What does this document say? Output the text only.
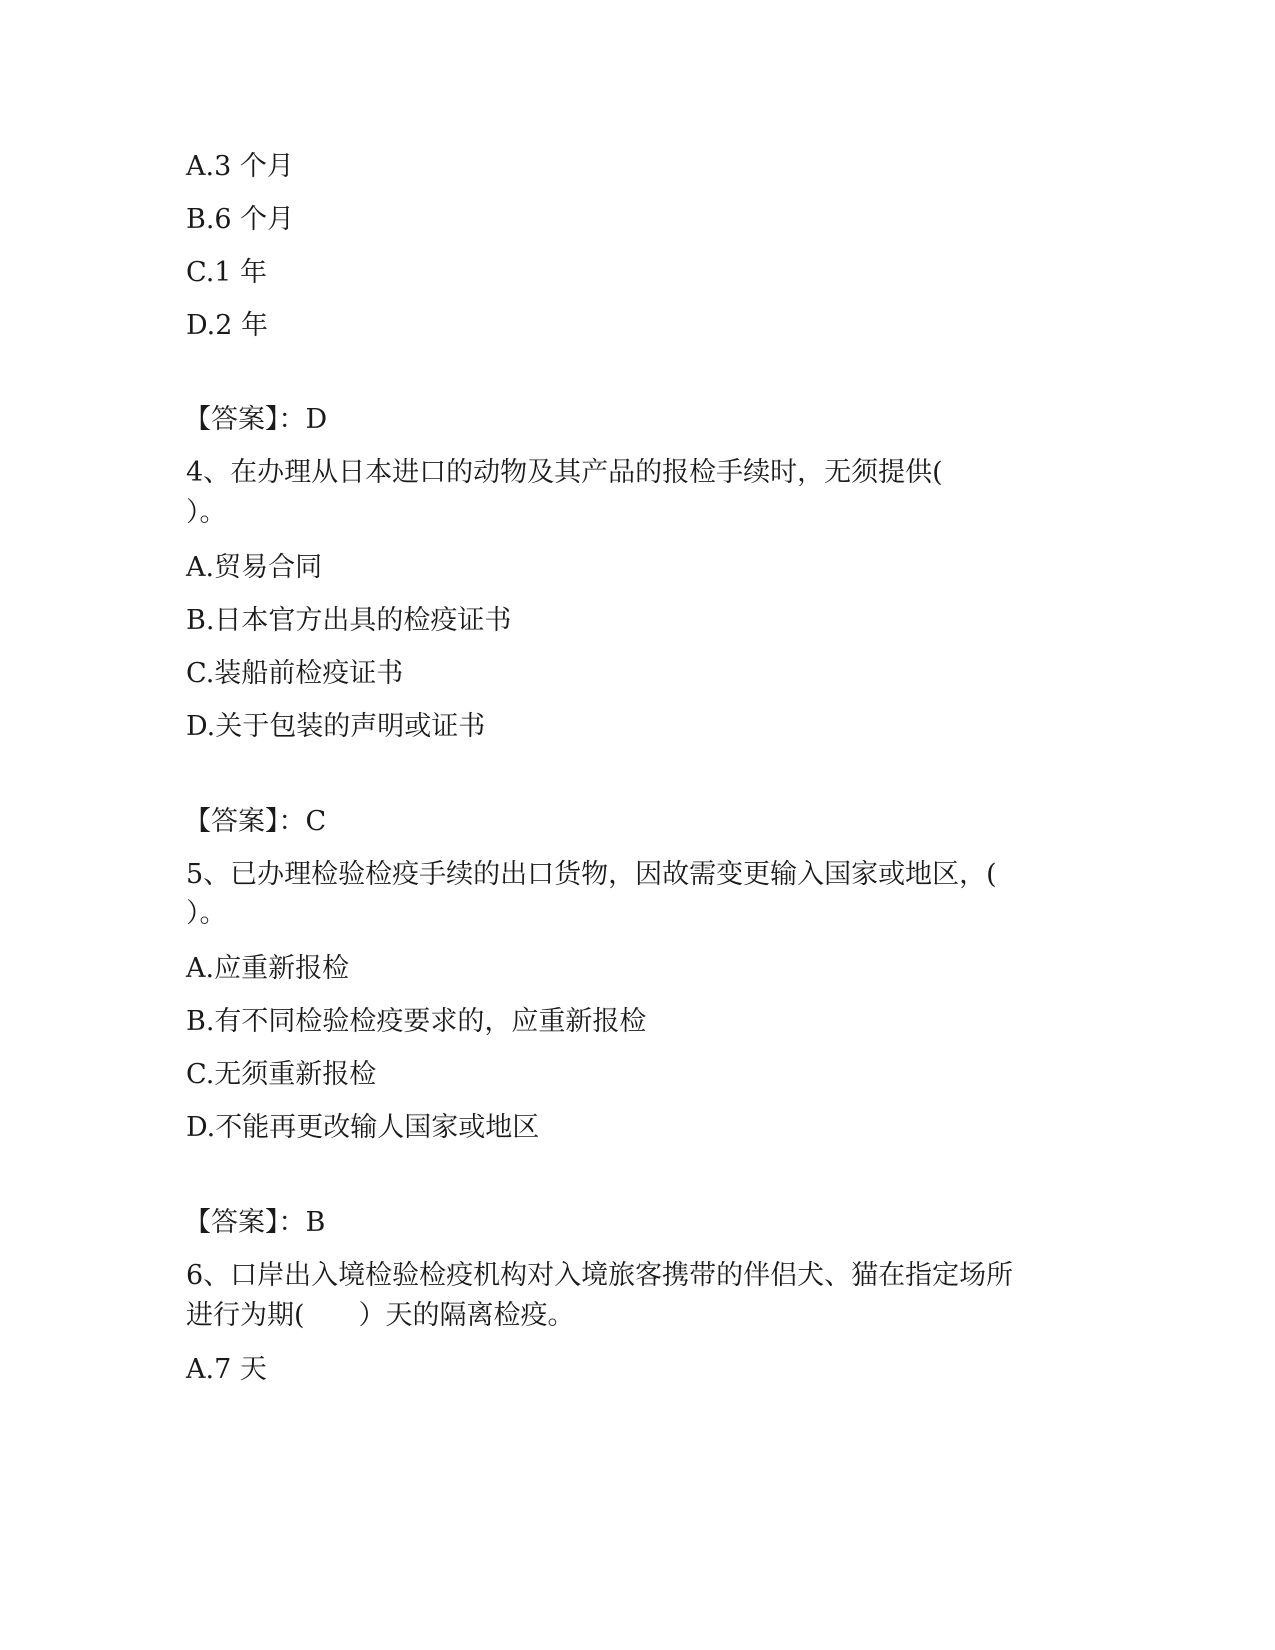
A.3 个月
B.6 个月
C.1 年
D.2 年
【答案】：D
4、在办理从日本进口的动物及其产品的报检手续时，无须提供(
）。
A.贸易合同
B.日本官方出具的检疫证书
C.装船前检疫证书
D.关于包装的声明或证书
【答案】：C
5、已办理检验检疫手续的出口货物，因故需变更输入国家或地区，(
）。
A.应重新报检
B.有不同检验检疫要求的，应重新报检
C.无须重新报检
D.不能再更改输人国家或地区
【答案】：B
6、口岸出入境检验检疫机构对入境旅客携带的伴侣犬、猫在指定场所
进行为期(　　）天的隔离检疫。
A.7 天
